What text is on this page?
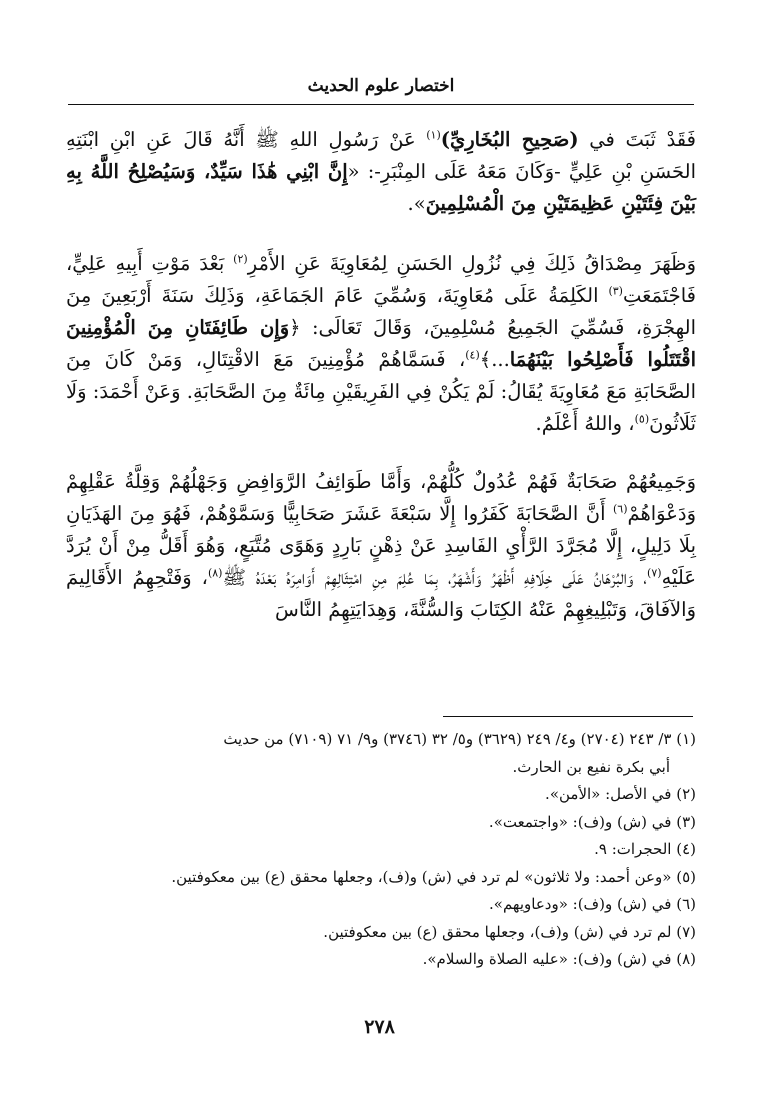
اختصار علوم الحديث

فَقَدْ ثَبَتَ في (صَحِيحِ البُخَارِيِّ)$^{(١)}$ عَنْ رَسُولِ اللهِ ﷺ أَنَّهُ قَالَ عَنِ ابْنِ ابْنَتِهِ الحَسَنِ بْنِ عَلِيٍّ -وَكَانَ مَعَهُ عَلَى المِنْبَرِ-: «إِنَّ ابْنِي هَٰذَا سَيِّدٌ، وَسَيُصْلِحُ اللَّهُ بِهِ بَيْنَ فِئَتَيْنِ عَظِيمَتَيْنِ مِنَ الْمُسْلِمِينَ».

وَظَهَرَ مِصْدَاقُ ذَلِكَ فِي نُزُولِ الحَسَنِ لِمُعَاوِيَةَ عَنِ الأَمْرِ$^{(٢)}$ بَعْدَ مَوْتِ أَبِيهِ عَلِيٍّ، فَاجْتَمَعَتِ$^{(٣)}$ الكَلِمَةُ عَلَى مُعَاوِيَةَ، وَسُمِّيَ عَامَ الجَمَاعَةِ، وَذَلِكَ سَنَةَ أَرْبَعِينَ مِنَ الهِجْرَةِ، فَسُمِّيَ الجَمِيعُ مُسْلِمِينَ، وَقَالَ تَعَالَى: ﴿وَإِن طَائِفَتَانِ مِنَ الْمُؤْمِنِينَ اقْتَتَلُوا فَأَصْلِحُوا بَيْنَهُمَا...﴾$^{(٤)}$، فَسَمَّاهُمْ مُؤْمِنِينَ مَعَ الاقْتِتَالِ، وَمَنْ كَانَ مِنَ الصَّحَابَةِ مَعَ مُعَاوِيَةَ يُقَالُ: لَمْ يَكُنْ فِي الفَرِيقَيْنِ مِائَةٌ مِنَ الصَّحَابَةِ. وَعَنْ أَحْمَدَ: وَلَا ثَلَاثُونَ$^{(٥)}$، واللهُ أَعْلَمُ.

وَجَمِيعُهُمْ صَحَابَةٌ فَهُمْ عُدُولٌ كُلُّهُمْ، وَأَمَّا طَوَائِفُ الرَّوَافِضِ وَجَهْلُهُمْ وَقِلَّةُ عَقْلِهِمْ وَدَعْوَاهُمْ$^{(٦)}$ أَنَّ الصَّحَابَةَ كَفَرُوا إِلَّا سَبْعَةَ عَشَرَ صَحَابِيًّا وَسَمَّوْهُمْ، فَهُوَ مِنَ الهَذَيَانِ بِلَا دَلِيلٍ، إِلَّا مُجَرَّدَ الرَّأْيِ الفَاسِدِ عَنْ ذِهْنٍ بَارِدٍ وَهَوًى مُتَّبَعٍ، وَهُوَ أَقَلُّ مِنْ أَنْ يُرَدَّ عَلَيْهِ$^{(٧)}$، وَالبُرْهَانُ عَلَى خِلَافِهِ أَظْهَرُ وَأَشْهَرُ، بِمَا عُلِمَ مِنِ امْتِثَالِهِمْ أَوَامِرَهُ بَعْدَهُ ﷺ$^{(٨)}$، وَفَتْحِهِمُ الأَقَالِيمَ وَالآفَاقَ، وَتَبْلِيغِهِمْ عَنْهُ الكِتَابَ وَالسُّنَّةَ، وَهِدَايَتِهِمُ النَّاسَ

(١) ٣/ ٢٤٣ (٢٧٠٤) و٤/ ٢٤٩ (٣٦٢٩) و٥/ ٣٢ (٣٧٤٦) و٩/ ٧١ (٧١٠٩) من حديث

أبي بكرة نفيع بن الحارث.

(٢) في الأصل: «الأمن».

(٣) في (ش) و(ف): «واجتمعت».

(٤) الحجرات: ٩.

(٥) «وعن أحمد: ولا ثلاثون» لم ترد في (ش) و(ف)، وجعلها محقق (ع) بين معكوفتين.

(٦) في (ش) و(ف): «ودعاويهم».

(٧) لم ترد في (ش) و(ف)، وجعلها محقق (ع) بين معكوفتين.

(٨) في (ش) و(ف): «عليه الصلاة والسلام».

٢٧٨
